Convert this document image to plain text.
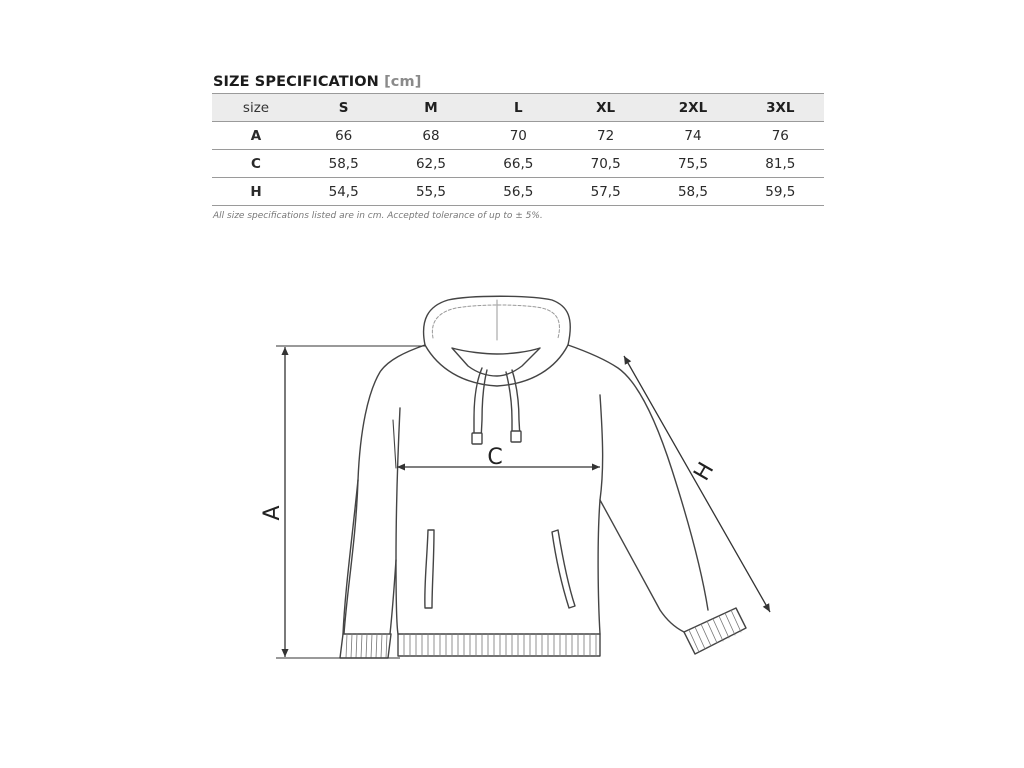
SIZE SPECIFICATION [cm]
size	S	M	L	XL	2XL	3XL
A	66	68	70	72	74	76
C	58,5	62,5	66,5	70,5	75,5	81,5
H	54,5	55,5	56,5	57,5	58,5	59,5
All size specifications listed are in cm. Accepted tolerance of up to ± 5%.
A
C
H
